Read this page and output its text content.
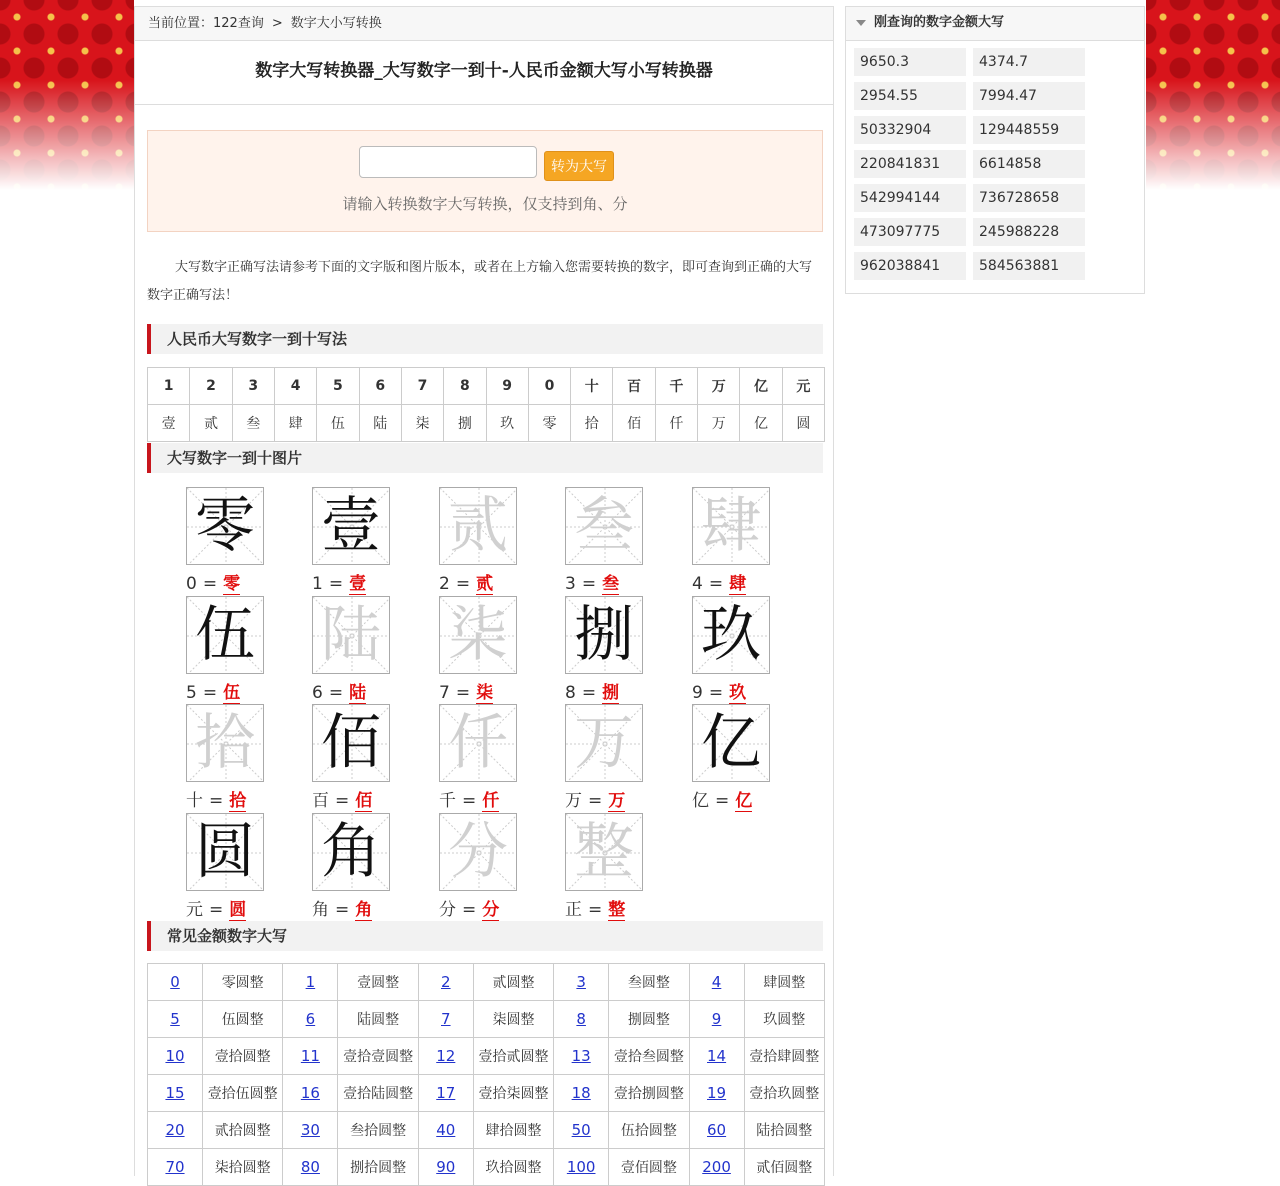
当前位置：122查询 > 数字大小写转换
数字大写转换器_大写数字一到十-人民币金额大写小写转换器
转为大写
请输入转换数字大写转换，仅支持到角、分
大写数字正确写法请参考下面的文字版和图片版本，或者在上方输入您需要转换的数字，即可查询到正确的大写数字正确写法！
人民币大写数字一到十写法
1	2	3	4	5	6	7	8	9	0	十	百	千	万	亿	元
壹	贰	叁	肆	伍	陆	柒	捌	玖	零	拾	佰	仟	万	亿	圆
大写数字一到十图片
零
0 = 零
壹
1 = 壹
贰
2 = 贰
叁
3 = 叁
肆
4 = 肆
伍
5 = 伍
陆
6 = 陆
柒
7 = 柒
捌
8 = 捌
玖
9 = 玖
拾
十 = 拾
佰
百 = 佰
仟
千 = 仟
万
万 = 万
亿
亿 = 亿
圆
元 = 圆
角
角 = 角
分
分 = 分
整
正 = 整
常见金额数字大写
0	零圆整	1	壹圆整	2	贰圆整	3	叁圆整	4	肆圆整
5	伍圆整	6	陆圆整	7	柒圆整	8	捌圆整	9	玖圆整
10	壹拾圆整	11	壹拾壹圆整	12	壹拾贰圆整	13	壹拾叁圆整	14	壹拾肆圆整
15	壹拾伍圆整	16	壹拾陆圆整	17	壹拾柒圆整	18	壹拾捌圆整	19	壹拾玖圆整
20	贰拾圆整	30	叁拾圆整	40	肆拾圆整	50	伍拾圆整	60	陆拾圆整
70	柒拾圆整	80	捌拾圆整	90	玖拾圆整	100	壹佰圆整	200	贰佰圆整
刚查询的数字金额大写
9650.3	4374.7
2954.55	7994.47
50332904	129448559
220841831	6614858
542994144	736728658
473097775	245988228
962038841	584563881
